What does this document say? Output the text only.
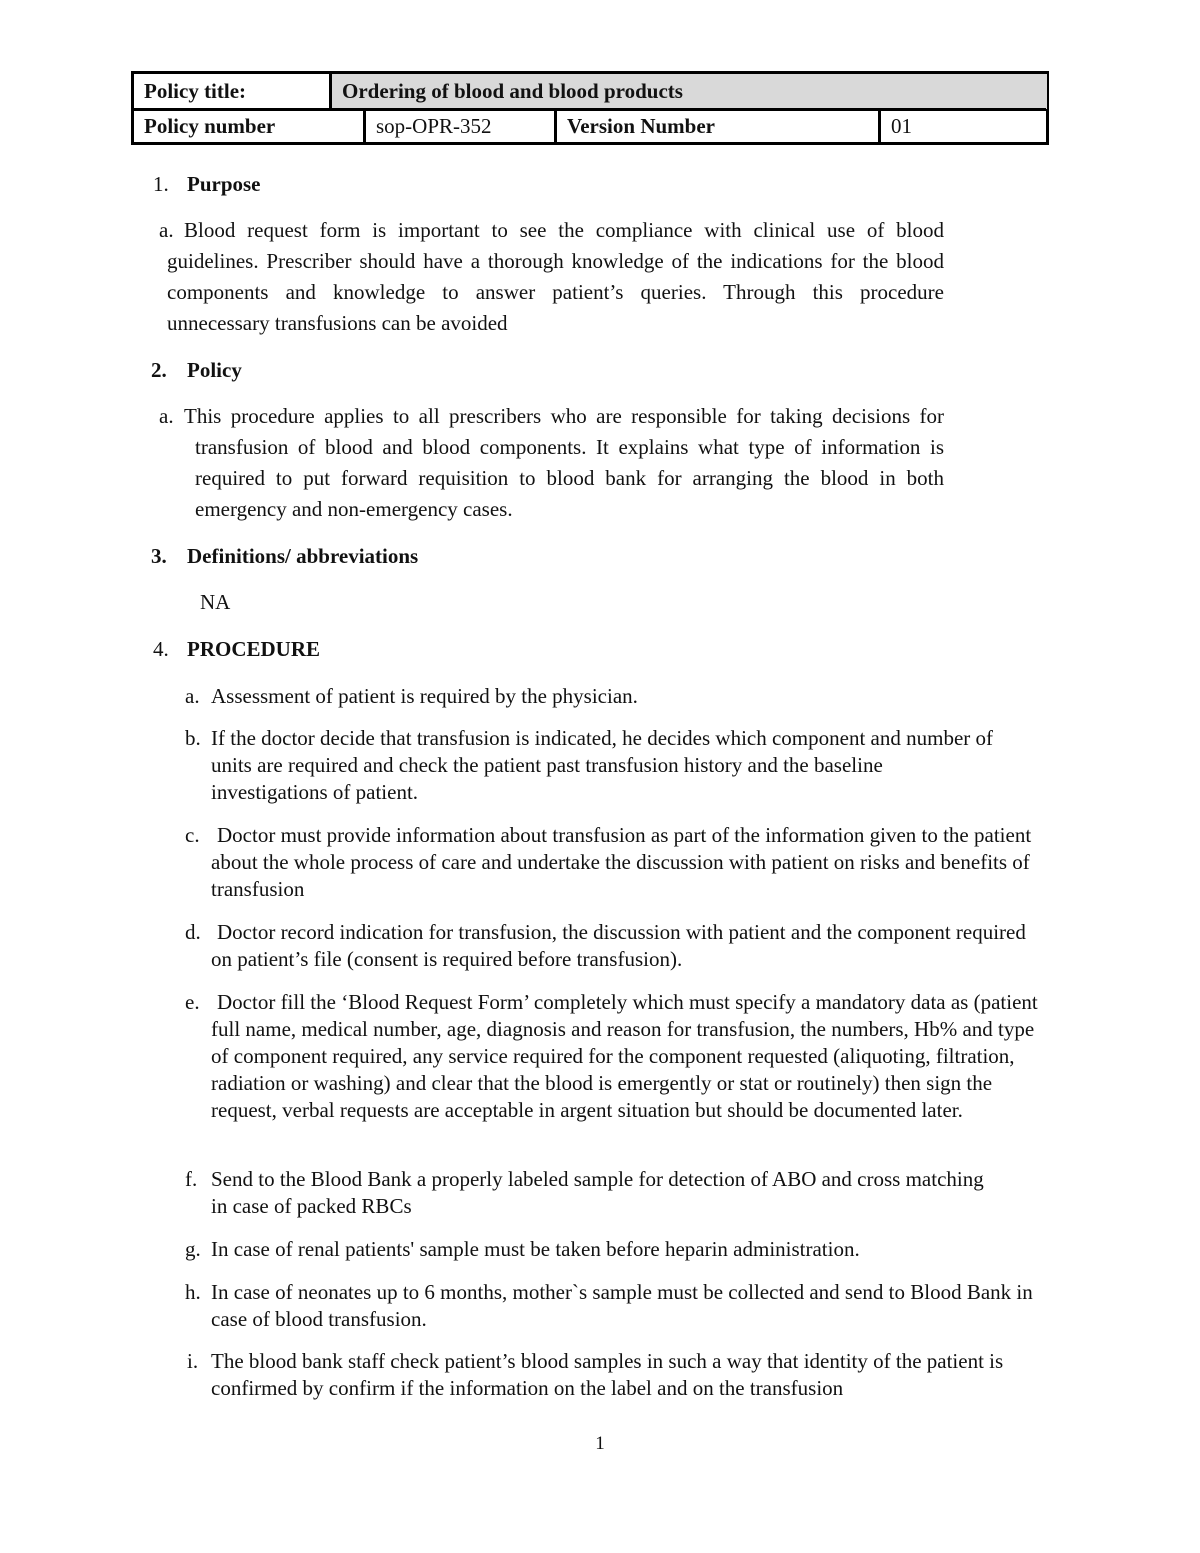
Policy title:	Ordering of blood and blood products
Policy number	sop-OPR-352	Version Number	01
1. Purpose
a. Blood request form is important to see the compliance with clinical use of blood guidelines. Prescriber should have a thorough knowledge of the indications for the blood components and knowledge to answer patient’s queries. Through this procedure unnecessary transfusions can be avoided
2. Policy
a. This procedure applies to all prescribers who are responsible for taking decisions for transfusion of blood and blood components. It explains what type of information is required to put forward requisition to blood bank for arranging the blood in both emergency and non-emergency cases.
3. Definitions/ abbreviations
NA
4. PROCEDURE
a. Assessment of patient is required by the physician.
b. If the doctor decide that transfusion is indicated, he decides which component and number of units are required and check the patient past transfusion history and the baseline investigations of patient.
c. Doctor must provide information about transfusion as part of the information given to the patient about the whole process of care and undertake the discussion with patient on risks and benefits of transfusion
d. Doctor record indication for transfusion, the discussion with patient and the component required on patient’s file (consent is required before transfusion).
e. Doctor fill the ‘Blood Request Form’ completely which must specify a mandatory data as (patient full name, medical number, age, diagnosis and reason for transfusion, the numbers, Hb% and type of component required, any service required for the component requested (aliquoting, filtration, radiation or washing) and clear that the blood is emergently or stat or routinely) then sign the request, verbal requests are acceptable in argent situation but should be documented later.
f. Send to the Blood Bank a properly labeled sample for detection of ABO and cross matching in case of packed RBCs
g. In case of renal patients' sample must be taken before heparin administration.
h. In case of neonates up to 6 months, mother`s sample must be collected and send to Blood Bank in case of blood transfusion.
i. The blood bank staff check patient’s blood samples in such a way that identity of the patient is confirmed by confirm if the information on the label and on the transfusion
1
